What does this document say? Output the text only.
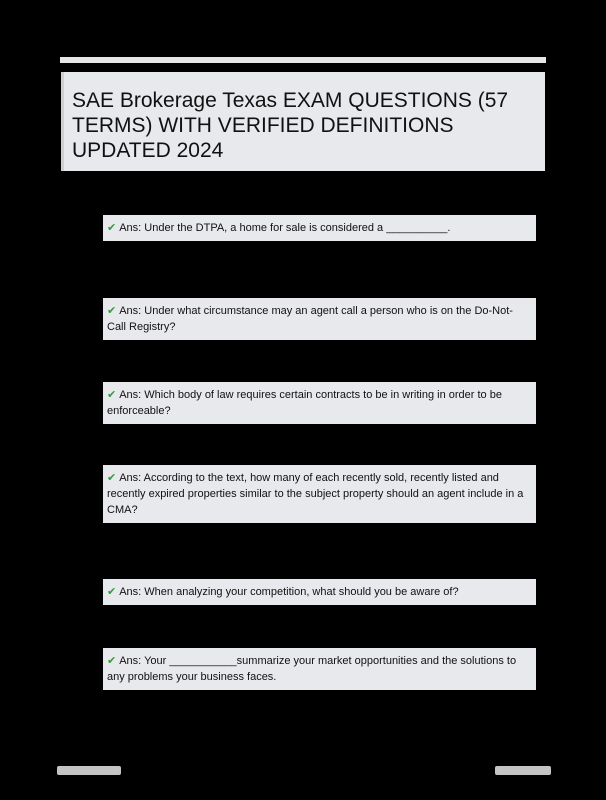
SAE Brokerage Texas EXAM QUESTIONS (57 TERMS) WITH VERIFIED DEFINITIONS UPDATED 2024
✔ Ans: Under the DTPA, a home for sale is considered a __________.
✔ Ans: Under what circumstance may an agent call a person who is on the Do-Not-Call Registry?
✔ Ans: Which body of law requires certain contracts to be in writing in order to be enforceable?
✔ Ans: According to the text, how many of each recently sold, recently listed and recently expired properties similar to the subject property should an agent include in a CMA?
✔ Ans: When analyzing your competition, what should you be aware of?
✔ Ans: Your ___________summarize your market opportunities and the solutions to any problems your business faces.
